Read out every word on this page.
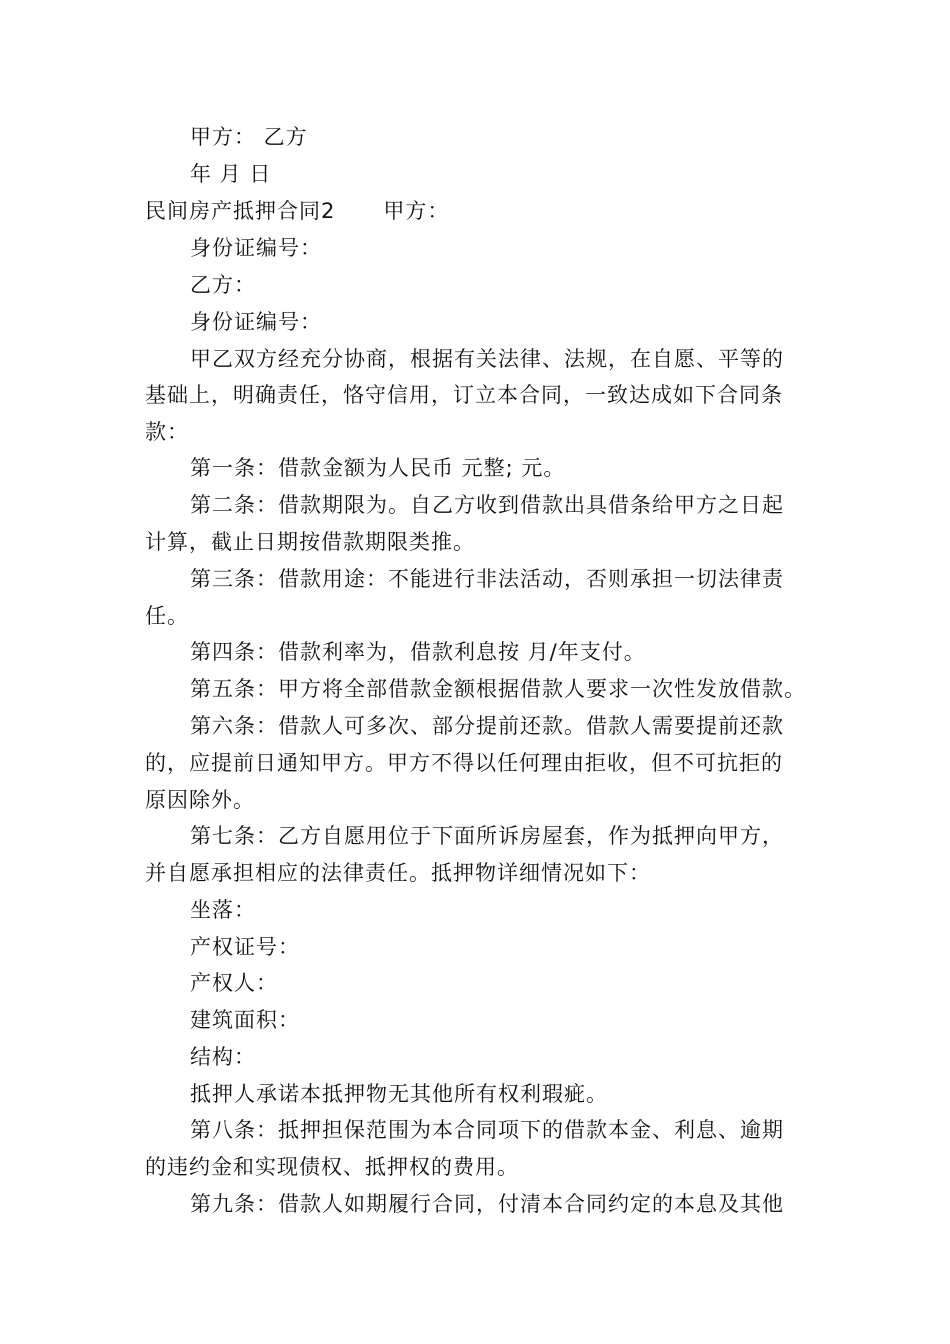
甲方： 乙方
年 月 日
民间房产抵押合同2 甲方：
身份证编号：
乙方：
身份证编号：
甲乙双方经充分协商，根据有关法律、法规，在自愿、平等的
基础上，明确责任，恪守信用，订立本合同，一致达成如下合同条
款：
第一条：借款金额为人民币 元整; 元。
第二条：借款期限为。自乙方收到借款出具借条给甲方之日起
计算，截止日期按借款期限类推。
第三条：借款用途：不能进行非法活动，否则承担一切法律责
任。
第四条：借款利率为，借款利息按 月/年支付。
第五条：甲方将全部借款金额根据借款人要求一次性发放借款。
第六条：借款人可多次、部分提前还款。借款人需要提前还款
的，应提前日通知甲方。甲方不得以任何理由拒收，但不可抗拒的
原因除外。
第七条：乙方自愿用位于下面所诉房屋套，作为抵押向甲方，
并自愿承担相应的法律责任。抵押物详细情况如下：
坐落：
产权证号：
产权人：
建筑面积：
结构：
抵押人承诺本抵押物无其他所有权利瑕疵。
第八条：抵押担保范围为本合同项下的借款本金、利息、逾期
的违约金和实现债权、抵押权的费用。
第九条：借款人如期履行合同，付清本合同约定的本息及其他
